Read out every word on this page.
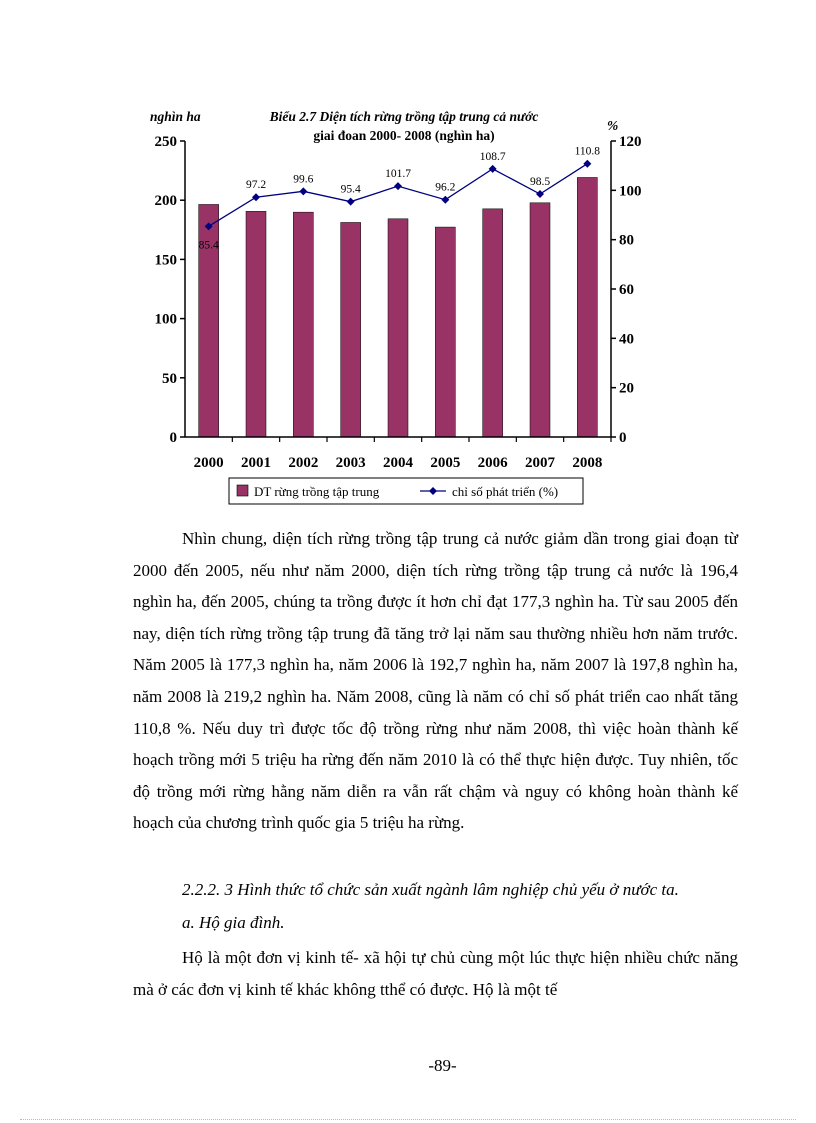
nghìn ha	Biểu 2.7 Diện tích rừng trồng tập trung cả nước
giai đoan 2000- 2008 (nghìn ha)
%
0
50
100
150
200
250
0
20
40
60
80
100
120
85.4
97.2 99.6
95.4
101.7
96.2
108.7
98.5
110.8
2000 2001 2002 2003 2004 2005 2006 2007 2008
DT rừng trồng tập trung	chỉ số phát triển (%)

Nhìn chung, diện tích rừng trồng tập trung cả nước giảm dần trong giai đoạn từ 2000 đến 2005, nếu như năm 2000, diện tích rừng trồng tập trung cả nước là 196,4 nghìn ha, đến 2005, chúng ta trồng được ít hơn chỉ đạt 177,3 nghìn ha. Từ sau 2005 đến nay, diện tích rừng trồng tập trung đã tăng trở lại năm sau thường nhiều hơn năm trước. Năm 2005 là 177,3 nghìn ha, năm 2006 là 192,7 nghìn ha, năm 2007 là 197,8 nghìn ha, năm 2008 là 219,2 nghìn ha. Năm 2008, cũng là năm có chỉ số phát triển cao nhất tăng 110,8 %. Nếu duy trì được tốc độ trồng rừng như năm 2008, thì việc hoàn thành kế hoạch trồng mới 5 triệu ha rừng đến năm 2010 là có thể thực hiện được. Tuy nhiên, tốc độ trồng mới rừng hằng năm diễn ra vẫn rất chậm và nguy có không hoàn thành kế hoạch của chương trình quốc gia 5 triệu ha rừng.

2.2.2. 3 Hình thức tổ chức sản xuất ngành lâm nghiệp chủ yếu ở nước ta.

a. Hộ gia đình.

Hộ là một đơn vị kinh tế- xã hội tự chủ cùng một lúc thực hiện nhiều chức năng mà ở các đơn vị kinh tế khác không tthể có được. Hộ là một tế

-89-
